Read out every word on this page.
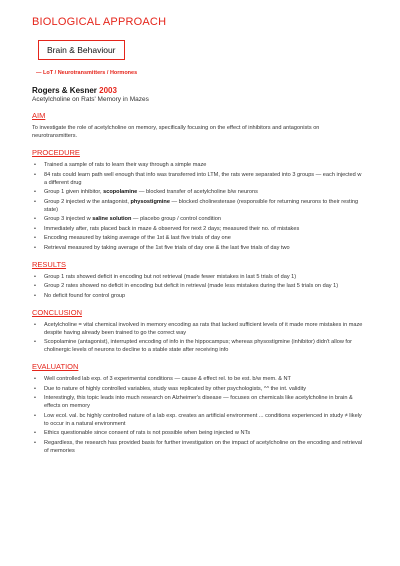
BIOLOGICAL APPROACH
Brain & Behaviour
— LoT / Neurotransmitters / Hormones

Rogers & Kesner 2003

Acetylcholine on Rats' Memory in Mazes

AIM

To investigate the role of acetylcholine on memory, specifically focusing on the effect of inhibitors and antagonists on neurotransmitters.

PROCEDURE
• Trained a sample of rats to learn their way through a simple maze
• 84 rats could learn path well enough that info was transferred into LTM, the rats were separated into 3 groups — each injected w a different drug
• Group 1 given inhibitor, scopolamine — blocked transfer of acetylcholine b/w neurons
• Group 2 injected w the antagonist, physostigmine — blocked cholinesterase (responsible for returning neurons to their resting state)
• Group 3 injected w saline solution — placebo group / control condition
• Immediately after, rats placed back in maze & observed for next 2 days; measured their no. of mistakes
• Encoding measured by taking average of the 1st & last five trials of day one
• Retrieval measured by taking average of the 1st five trials of day one & the last five trials of day two
RESULTS
• Group 1 rats showed deficit in encoding but not retrieval (made fewer mistakes in last 5 trials of day 1)
• Group 2 rates showed no deficit in encoding but deficit in retrieval (made less mistakes during the last 5 trials on day 1)
• No deficit found for control group
CONCLUSION
• Acetylcholine = vital chemical involved in memory encoding as rats that lacked sufficient levels of it made more mistakes in maze despite having already been trained to go the correct way
• Scopolamine (antagonist), interrupted encoding of info in the hippocampus; whereas physostigmine (inhibitor) didn't allow for cholinergic levels of neurons to decline to a stable state after receiving info
EVALUATION
• Well controlled lab exp. of 3 experimental conditions — cause & effect rel. to be est. b/w mem. & NT
• Due to nature of highly controlled variables, study was replicated by other psychologists, ^^ the int. validity
• Interestingly, this topic leads into much research on Alzheimer's disease — focuses on chemicals like acetylcholine in brain & effects on memory
• Low ecol. val. bc highly controlled nature of a lab exp. creates an artificial environment ... conditions experienced in study ≠ likely to occur in a natural environment
• Ethics questionable since consent of rats is not possible when being injected w NTs
• Regardless, the research has provided basis for further investigation on the impact of acetylcholine on the encoding and retrieval of memories
